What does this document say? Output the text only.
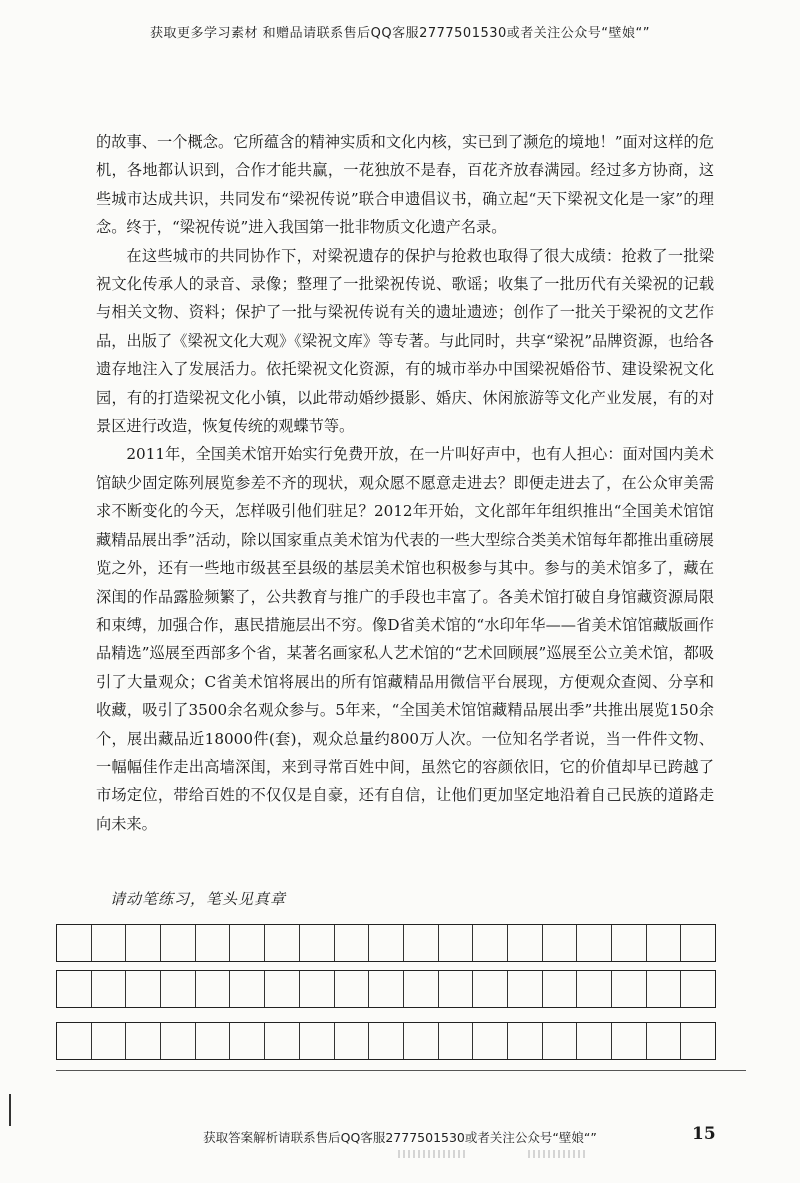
获取更多学习素材 和赠品请联系售后QQ客服2777501530或者关注公众号“壁娘“”

的故事、一个概念。它所蕴含的精神实质和文化内核，实已到了濒危的境地！”面对这样的危机，各地都认识到，合作才能共赢，一花独放不是春，百花齐放春满园。经过多方协商，这些城市达成共识，共同发布“梁祝传说”联合申遗倡议书，确立起“天下梁祝文化是一家”的理念。终于，“梁祝传说”进入我国第一批非物质文化遗产名录。

在这些城市的共同协作下，对梁祝遗存的保护与抢救也取得了很大成绩：抢救了一批梁祝文化传承人的录音、录像；整理了一批梁祝传说、歌谣；收集了一批历代有关梁祝的记载与相关文物、资料；保护了一批与梁祝传说有关的遗址遗迹；创作了一批关于梁祝的文艺作品，出版了《梁祝文化大观》《梁祝文库》等专著。与此同时，共享“梁祝”品牌资源，也给各遗存地注入了发展活力。依托梁祝文化资源，有的城市举办中国梁祝婚俗节、建设梁祝文化园，有的打造梁祝文化小镇，以此带动婚纱摄影、婚庆、休闲旅游等文化产业发展，有的对景区进行改造，恢复传统的观蝶节等。

2011年，全国美术馆开始实行免费开放，在一片叫好声中，也有人担心：面对国内美术馆缺少固定陈列展览参差不齐的现状，观众愿不愿意走进去？即便走进去了，在公众审美需求不断变化的今天，怎样吸引他们驻足？2012年开始，文化部年年组织推出“全国美术馆馆藏精品展出季”活动，除以国家重点美术馆为代表的一些大型综合类美术馆每年都推出重磅展览之外，还有一些地市级甚至县级的基层美术馆也积极参与其中。参与的美术馆多了，藏在深闺的作品露脸频繁了，公共教育与推广的手段也丰富了。各美术馆打破自身馆藏资源局限和束缚，加强合作，惠民措施层出不穷。像D省美术馆的“水印年华——省美术馆馆藏版画作品精选”巡展至西部多个省，某著名画家私人艺术馆的“艺术回顾展”巡展至公立美术馆，都吸引了大量观众；C省美术馆将展出的所有馆藏精品用微信平台展现，方便观众查阅、分享和收藏，吸引了3500余名观众参与。5年来，“全国美术馆馆藏精品展出季”共推出展览150余个，展出藏品近18000件(套)，观众总量约800万人次。一位知名学者说，当一件件文物、一幅幅佳作走出高墙深闺，来到寻常百姓中间，虽然它的容颜依旧，它的价值却早已跨越了市场定位，带给百姓的不仅仅是自豪，还有自信，让他们更加坚定地沿着自己民族的道路走向未来。

请动笔练习，笔头见真章
获取答案解析请联系售后QQ客服2777501530或者关注公众号“壁娘“”	15
